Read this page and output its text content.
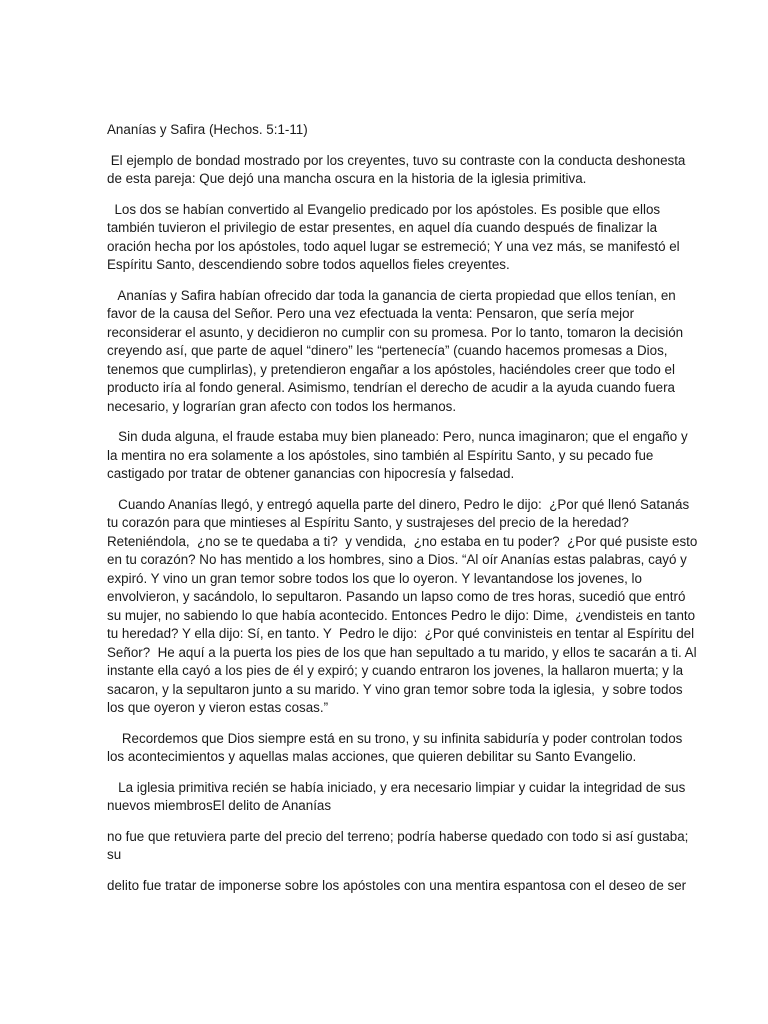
Ananías y Safira (Hechos. 5:1-11)
El ejemplo de bondad mostrado por los creyentes, tuvo su contraste con la conducta deshonesta
de esta pareja: Que dejó una mancha oscura en la historia de la iglesia primitiva.
Los dos se habían convertido al Evangelio predicado por los apóstoles. Es posible que ellos
también tuvieron el privilegio de estar presentes, en aquel día cuando después de finalizar la
oración hecha por los apóstoles, todo aquel lugar se estremeció; Y una vez más, se manifestó el
Espíritu Santo, descendiendo sobre todos aquellos fieles creyentes.
Ananías y Safira habían ofrecido dar toda la ganancia de cierta propiedad que ellos tenían, en
favor de la causa del Señor. Pero una vez efectuada la venta: Pensaron, que sería mejor
reconsiderar el asunto, y decidieron no cumplir con su promesa. Por lo tanto, tomaron la decisión
creyendo así, que parte de aquel “dinero” les “pertenecía” (cuando hacemos promesas a Dios,
tenemos que cumplirlas), y pretendieron engañar a los apóstoles, haciéndoles creer que todo el
producto iría al fondo general. Asimismo, tendrían el derecho de acudir a la ayuda cuando fuera
necesario, y lograrían gran afecto con todos los hermanos.
Sin duda alguna, el fraude estaba muy bien planeado: Pero, nunca imaginaron; que el engaño y
la mentira no era solamente a los apóstoles, sino también al Espíritu Santo, y su pecado fue
castigado por tratar de obtener ganancias con hipocresía y falsedad.
Cuando Ananías llegó, y entregó aquella parte del dinero, Pedro le dijo:  ¿Por qué llenó Satanás
tu corazón para que mintieses al Espíritu Santo, y sustrajeses del precio de la heredad?
Reteniéndola,  ¿no se te quedaba a ti?  y vendida,  ¿no estaba en tu poder?  ¿Por qué pusiste esto
en tu corazón? No has mentido a los hombres, sino a Dios. “Al oír Ananías estas palabras, cayó y
expiró. Y vino un gran temor sobre todos los que lo oyeron. Y levantandose los jovenes, lo
envolvieron, y sacándolo, lo sepultaron. Pasando un lapso como de tres horas, sucedió que entró
su mujer, no sabiendo lo que había acontecido. Entonces Pedro le dijo: Dime,  ¿vendisteis en tanto
tu heredad? Y ella dijo: Sí, en tanto. Y  Pedro le dijo:  ¿Por qué convinisteis en tentar al Espíritu del
Señor?  He aquí a la puerta los pies de los que han sepultado a tu marido, y ellos te sacarán a ti. Al
instante ella cayó a los pies de él y expiró; y cuando entraron los jovenes, la hallaron muerta; y la
sacaron, y la sepultaron junto a su marido. Y vino gran temor sobre toda la iglesia,  y sobre todos
los que oyeron y vieron estas cosas.”
Recordemos que Dios siempre está en su trono, y su infinita sabiduría y poder controlan todos
los acontecimientos y aquellas malas acciones, que quieren debilitar su Santo Evangelio.
La iglesia primitiva recién se había iniciado, y era necesario limpiar y cuidar la integridad de sus
nuevos miembrosEl delito de Ananías
no fue que retuviera parte del precio del terreno; podría haberse quedado con todo si así gustaba;
su
delito fue tratar de imponerse sobre los apóstoles con una mentira espantosa con el deseo de ser
